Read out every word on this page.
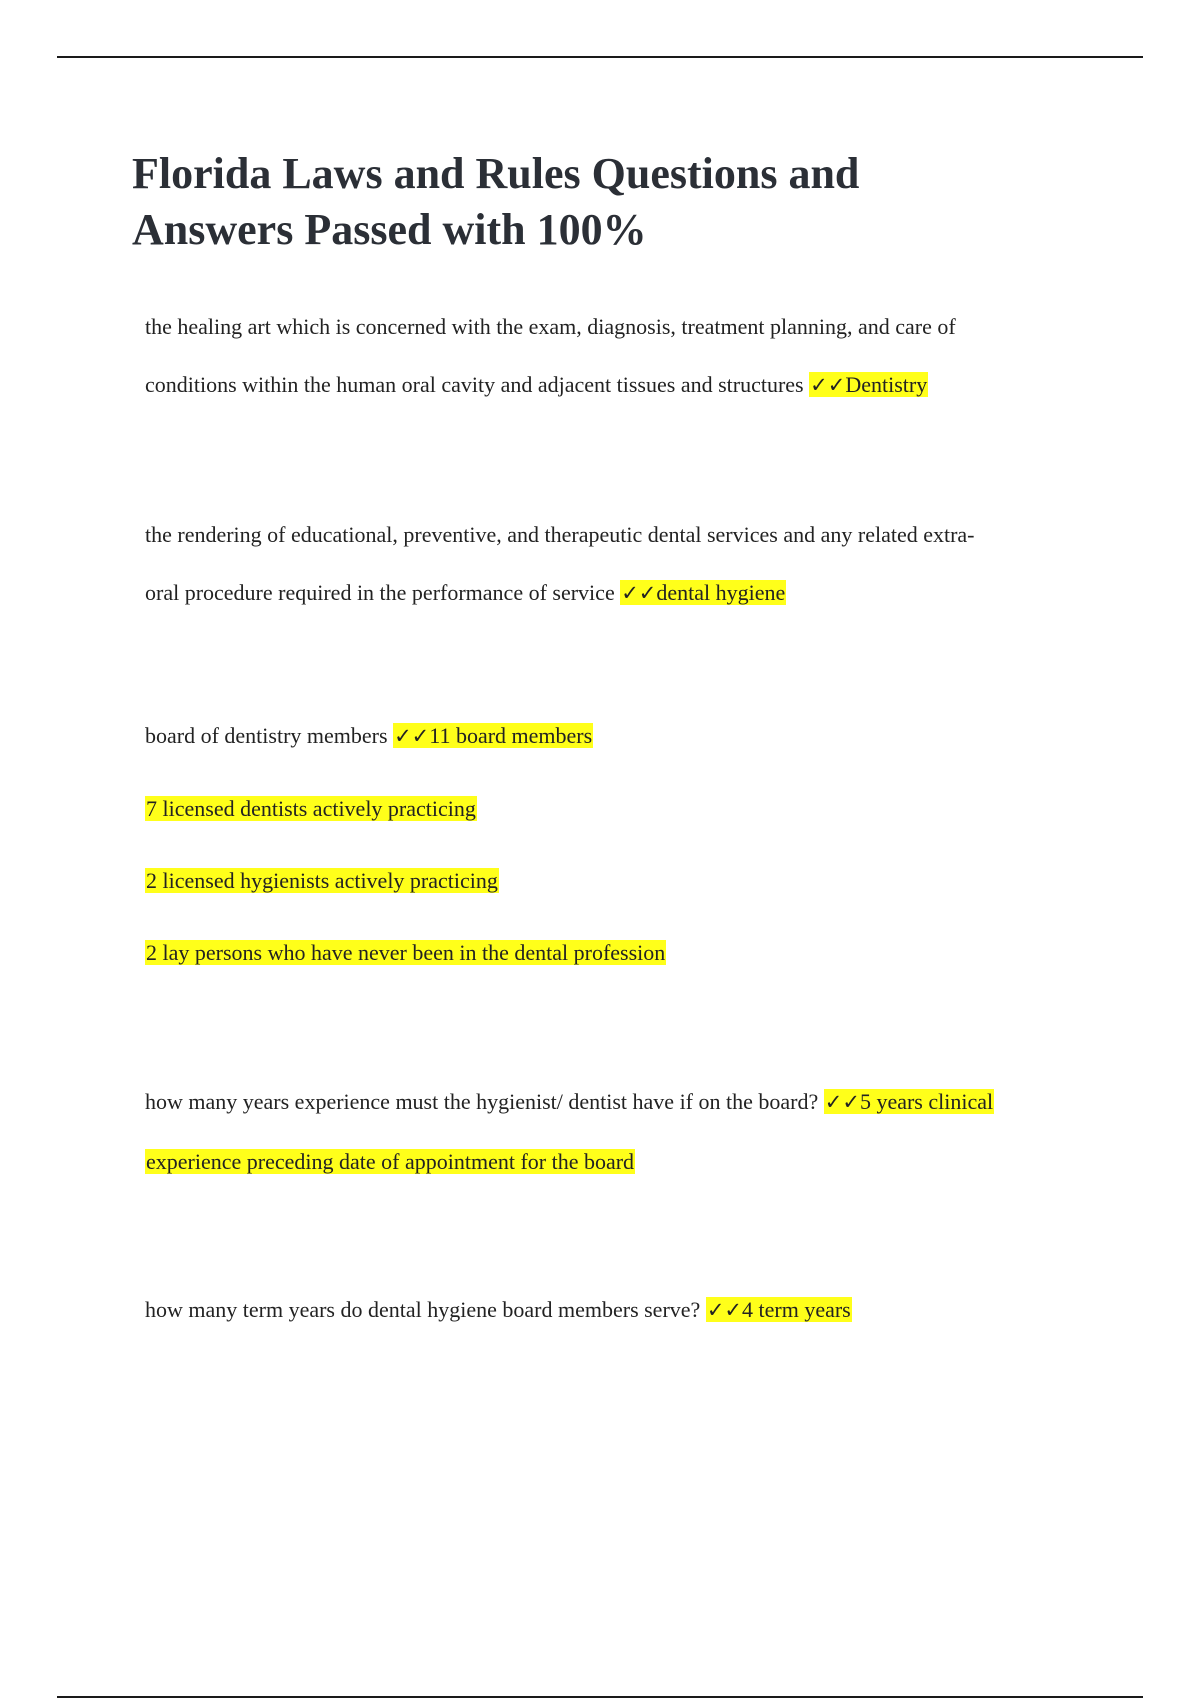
Florida Laws and Rules Questions and
Answers Passed with 100%

the healing art which is concerned with the exam, diagnosis, treatment planning, and care of

conditions within the human oral cavity and adjacent tissues and structures ✓✓Dentistry

the rendering of educational, preventive, and therapeutic dental services and any related extra-

oral procedure required in the performance of service ✓✓dental hygiene

board of dentistry members ✓✓11 board members

7 licensed dentists actively practicing

2 licensed hygienists actively practicing

2 lay persons who have never been in the dental profession

how many years experience must the hygienist/ dentist have if on the board? ✓✓5 years clinical

experience preceding date of appointment for the board

how many term years do dental hygiene board members serve? ✓✓4 term years
